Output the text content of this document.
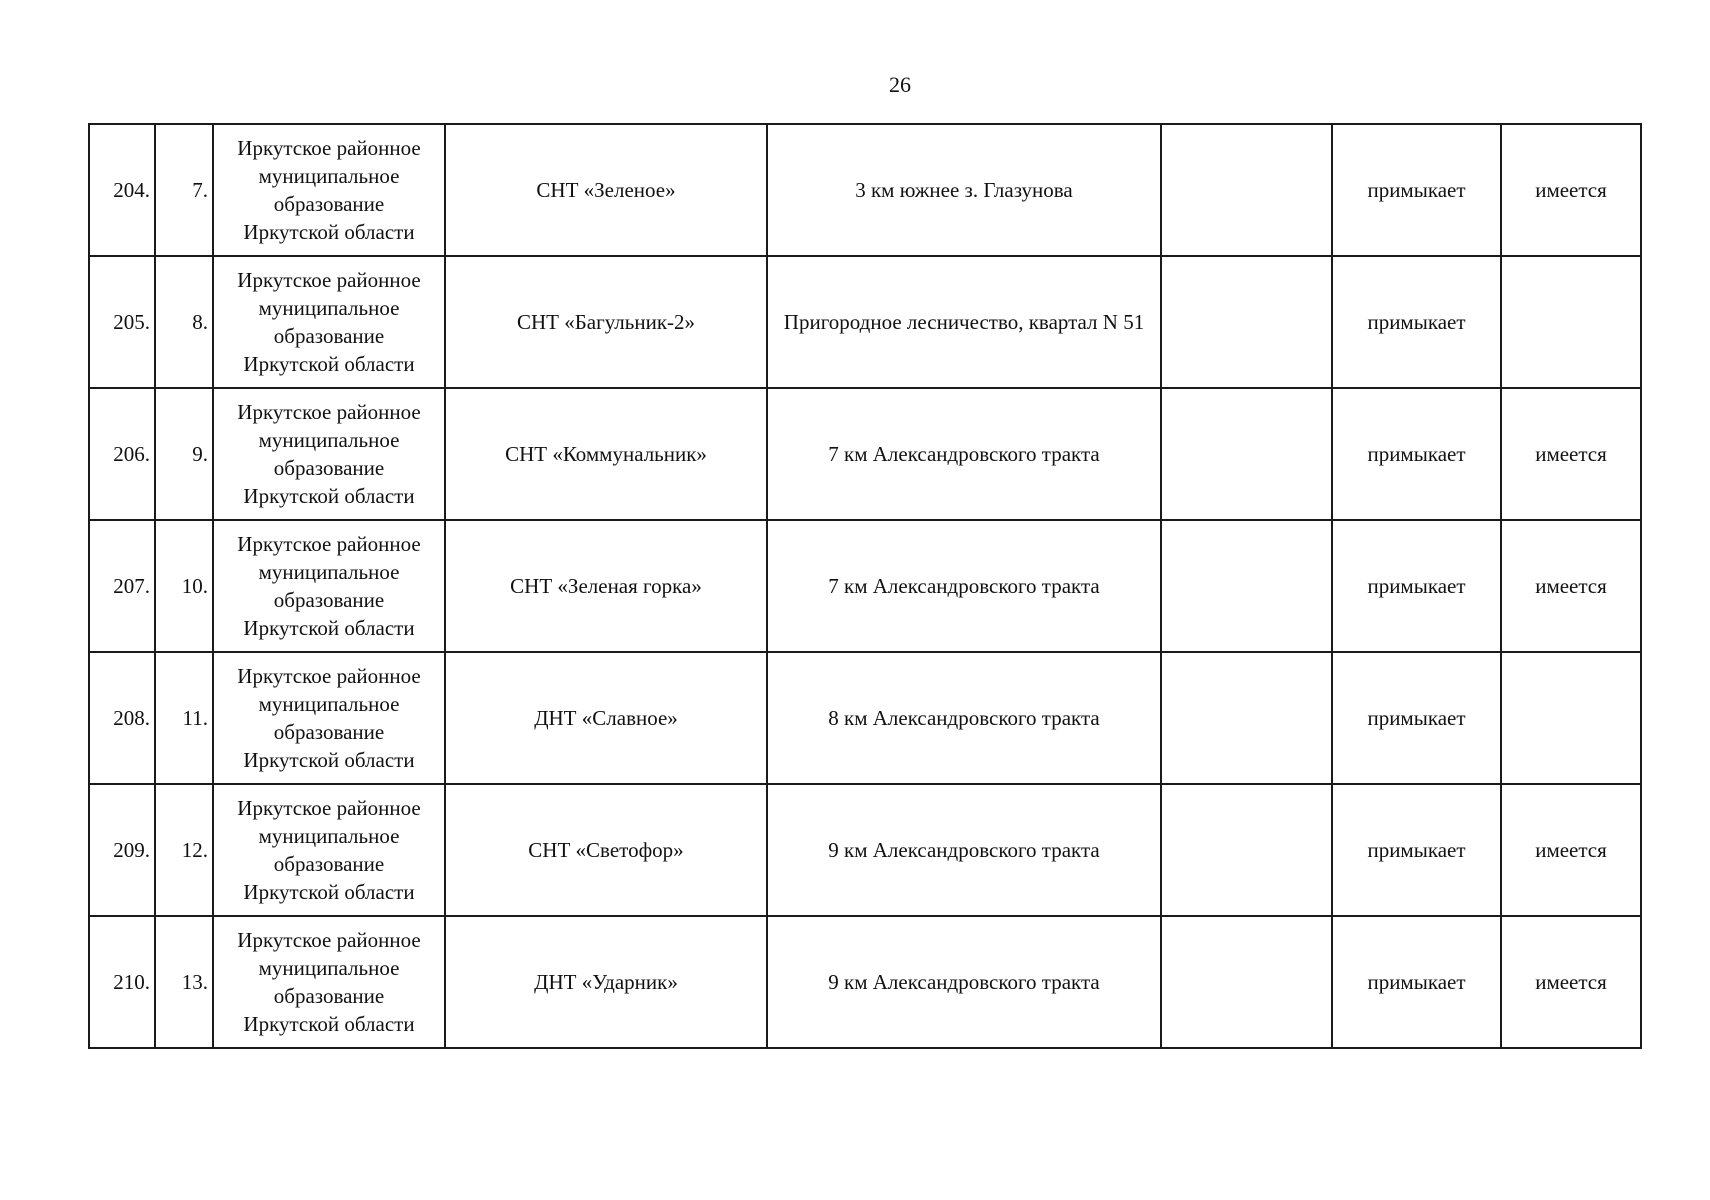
26
204.	7.	Иркутское районное
муниципальное
образование
Иркутской области	СНТ «Зеленое»	3 км южнее з. Глазунова		примыкает	имеется
205.	8.	Иркутское районное
муниципальное
образование
Иркутской области	СНТ «Багульник-2»	Пригородное лесничество, квартал N 51		примыкает	
206.	9.	Иркутское районное
муниципальное
образование
Иркутской области	СНТ «Коммунальник»	7 км Александровского тракта		примыкает	имеется
207.	10.	Иркутское районное
муниципальное
образование
Иркутской области	СНТ «Зеленая горка»	7 км Александровского тракта		примыкает	имеется
208.	11.	Иркутское районное
муниципальное
образование
Иркутской области	ДНТ «Славное»	8 км Александровского тракта		примыкает	
209.	12.	Иркутское районное
муниципальное
образование
Иркутской области	СНТ «Светофор»	9 км Александровского тракта		примыкает	имеется
210.	13.	Иркутское районное
муниципальное
образование
Иркутской области	ДНТ «Ударник»	9 км Александровского тракта		примыкает	имеется
